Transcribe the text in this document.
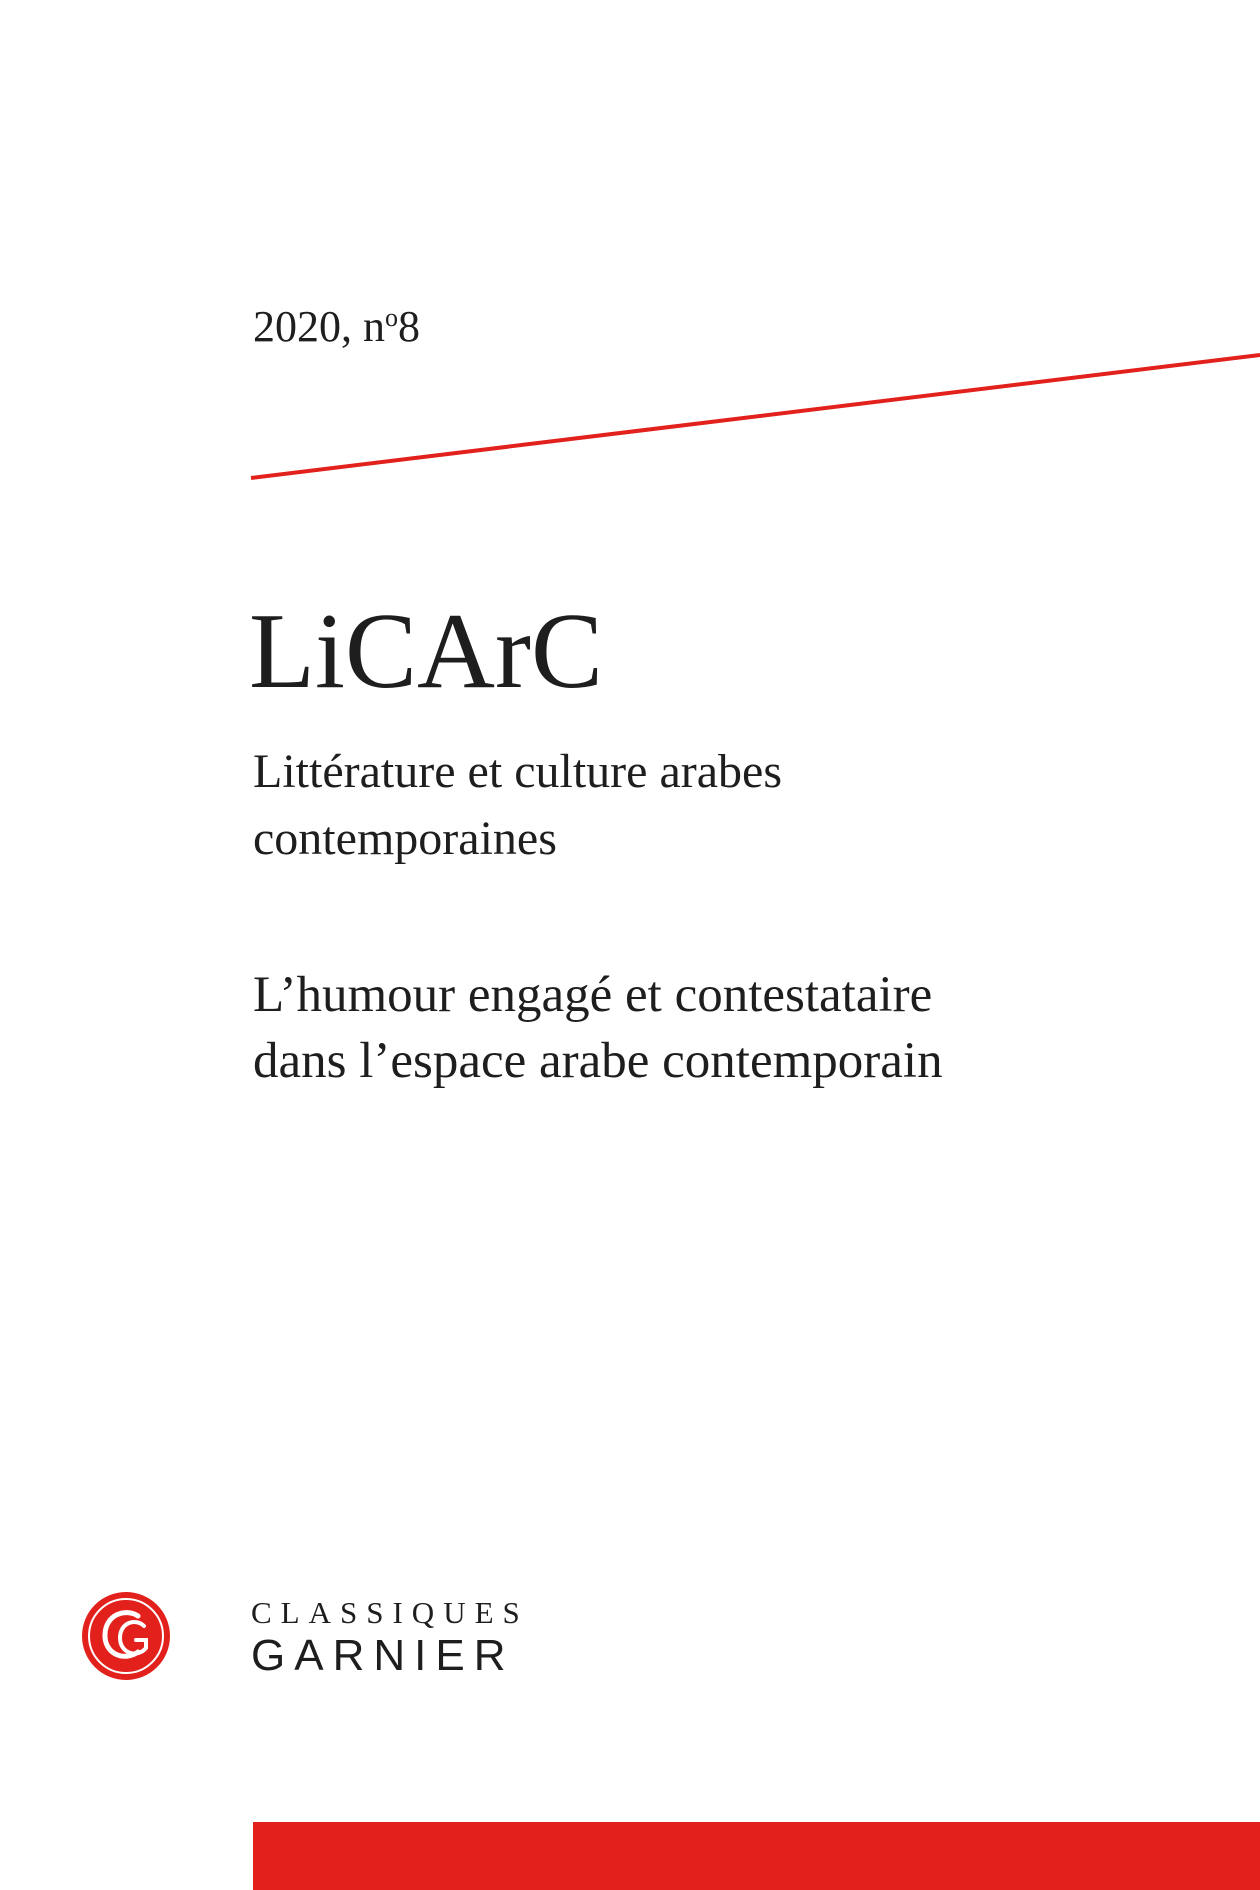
2020, $n^o8$
LiCArC
Littérature et culture arabes
contemporaines
L’humour engagé et contestataire
dans l’espace arabe contemporain
CLASSIQUES
GARNIER
